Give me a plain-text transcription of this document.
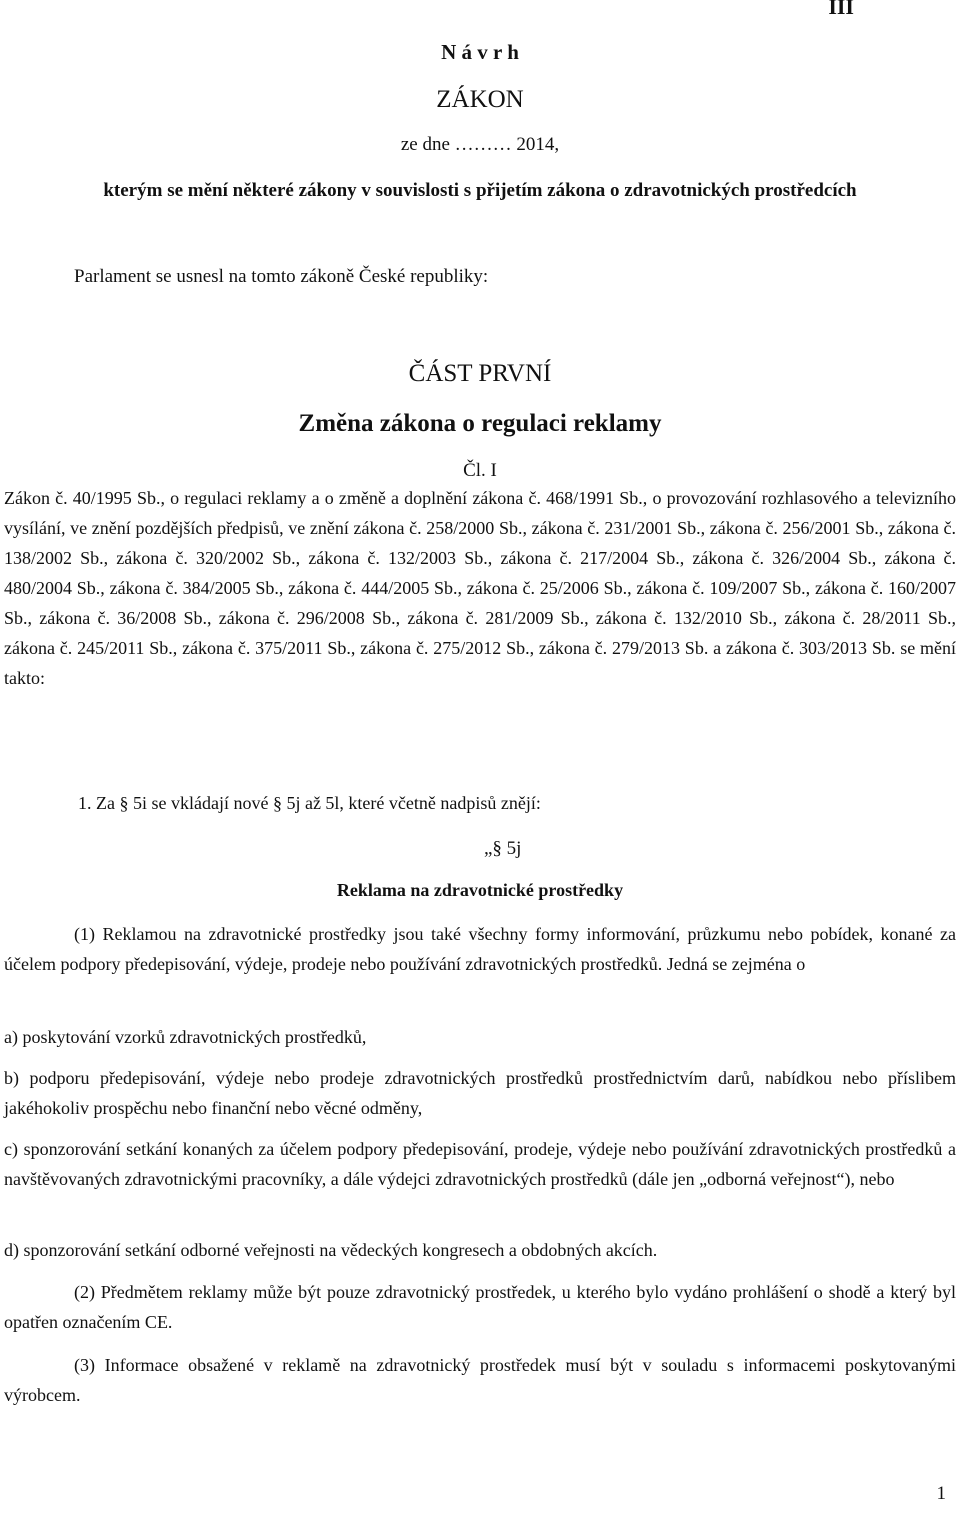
III
N á v r h
ZÁKON
ze dne ……… 2014,
kterým se mění některé zákony v souvislosti s přijetím zákona o zdravotnických prostředcích
Parlament se usnesl na tomto zákoně České republiky:
ČÁST PRVNÍ
Změna zákona o regulaci reklamy
Čl. I
Zákon č. 40/1995 Sb., o regulaci reklamy a o změně a doplnění zákona č. 468/1991 Sb., o provozování rozhlasového a televizního vysílání, ve znění pozdějších předpisů, ve znění zákona č. 258/2000 Sb., zákona č. 231/2001 Sb., zákona č. 256/2001 Sb., zákona č. 138/2002 Sb., zákona č. 320/2002 Sb., zákona č. 132/2003 Sb., zákona č. 217/2004 Sb., zákona č. 326/2004 Sb., zákona č. 480/2004 Sb., zákona č. 384/2005 Sb., zákona č. 444/2005 Sb., zákona č. 25/2006 Sb., zákona č. 109/2007 Sb., zákona č. 160/2007 Sb., zákona č. 36/2008 Sb., zákona č. 296/2008 Sb., zákona č. 281/2009 Sb., zákona č. 132/2010 Sb., zákona č. 28/2011 Sb., zákona č. 245/2011 Sb., zákona č. 375/2011 Sb., zákona č. 275/2012 Sb., zákona č. 279/2013 Sb. a zákona č. 303/2013 Sb. se mění takto:
1. Za § 5i se vkládají nové § 5j až 5l, které včetně nadpisů znějí:
„§ 5j
Reklama na zdravotnické prostředky
(1) Reklamou na zdravotnické prostředky jsou také všechny formy informování, průzkumu nebo pobídek, konané za účelem podpory předepisování, výdeje, prodeje nebo používání zdravotnických prostředků. Jedná se zejména o
a) poskytování vzorků zdravotnických prostředků,
b) podporu předepisování, výdeje nebo prodeje zdravotnických prostředků prostřednictvím darů, nabídkou nebo příslibem jakéhokoliv prospěchu nebo finanční nebo věcné odměny,
c) sponzorování setkání konaných za účelem podpory předepisování, prodeje, výdeje nebo používání zdravotnických prostředků a navštěvovaných zdravotnickými pracovníky, a dále výdejci zdravotnických prostředků (dále jen „odborná veřejnost“), nebo
d) sponzorování setkání odborné veřejnosti na vědeckých kongresech a obdobných akcích.
(2) Předmětem reklamy může být pouze zdravotnický prostředek, u kterého bylo vydáno prohlášení o shodě a který byl opatřen označením CE.
(3) Informace obsažené v reklamě na zdravotnický prostředek musí být v souladu s informacemi poskytovanými výrobcem.
1
